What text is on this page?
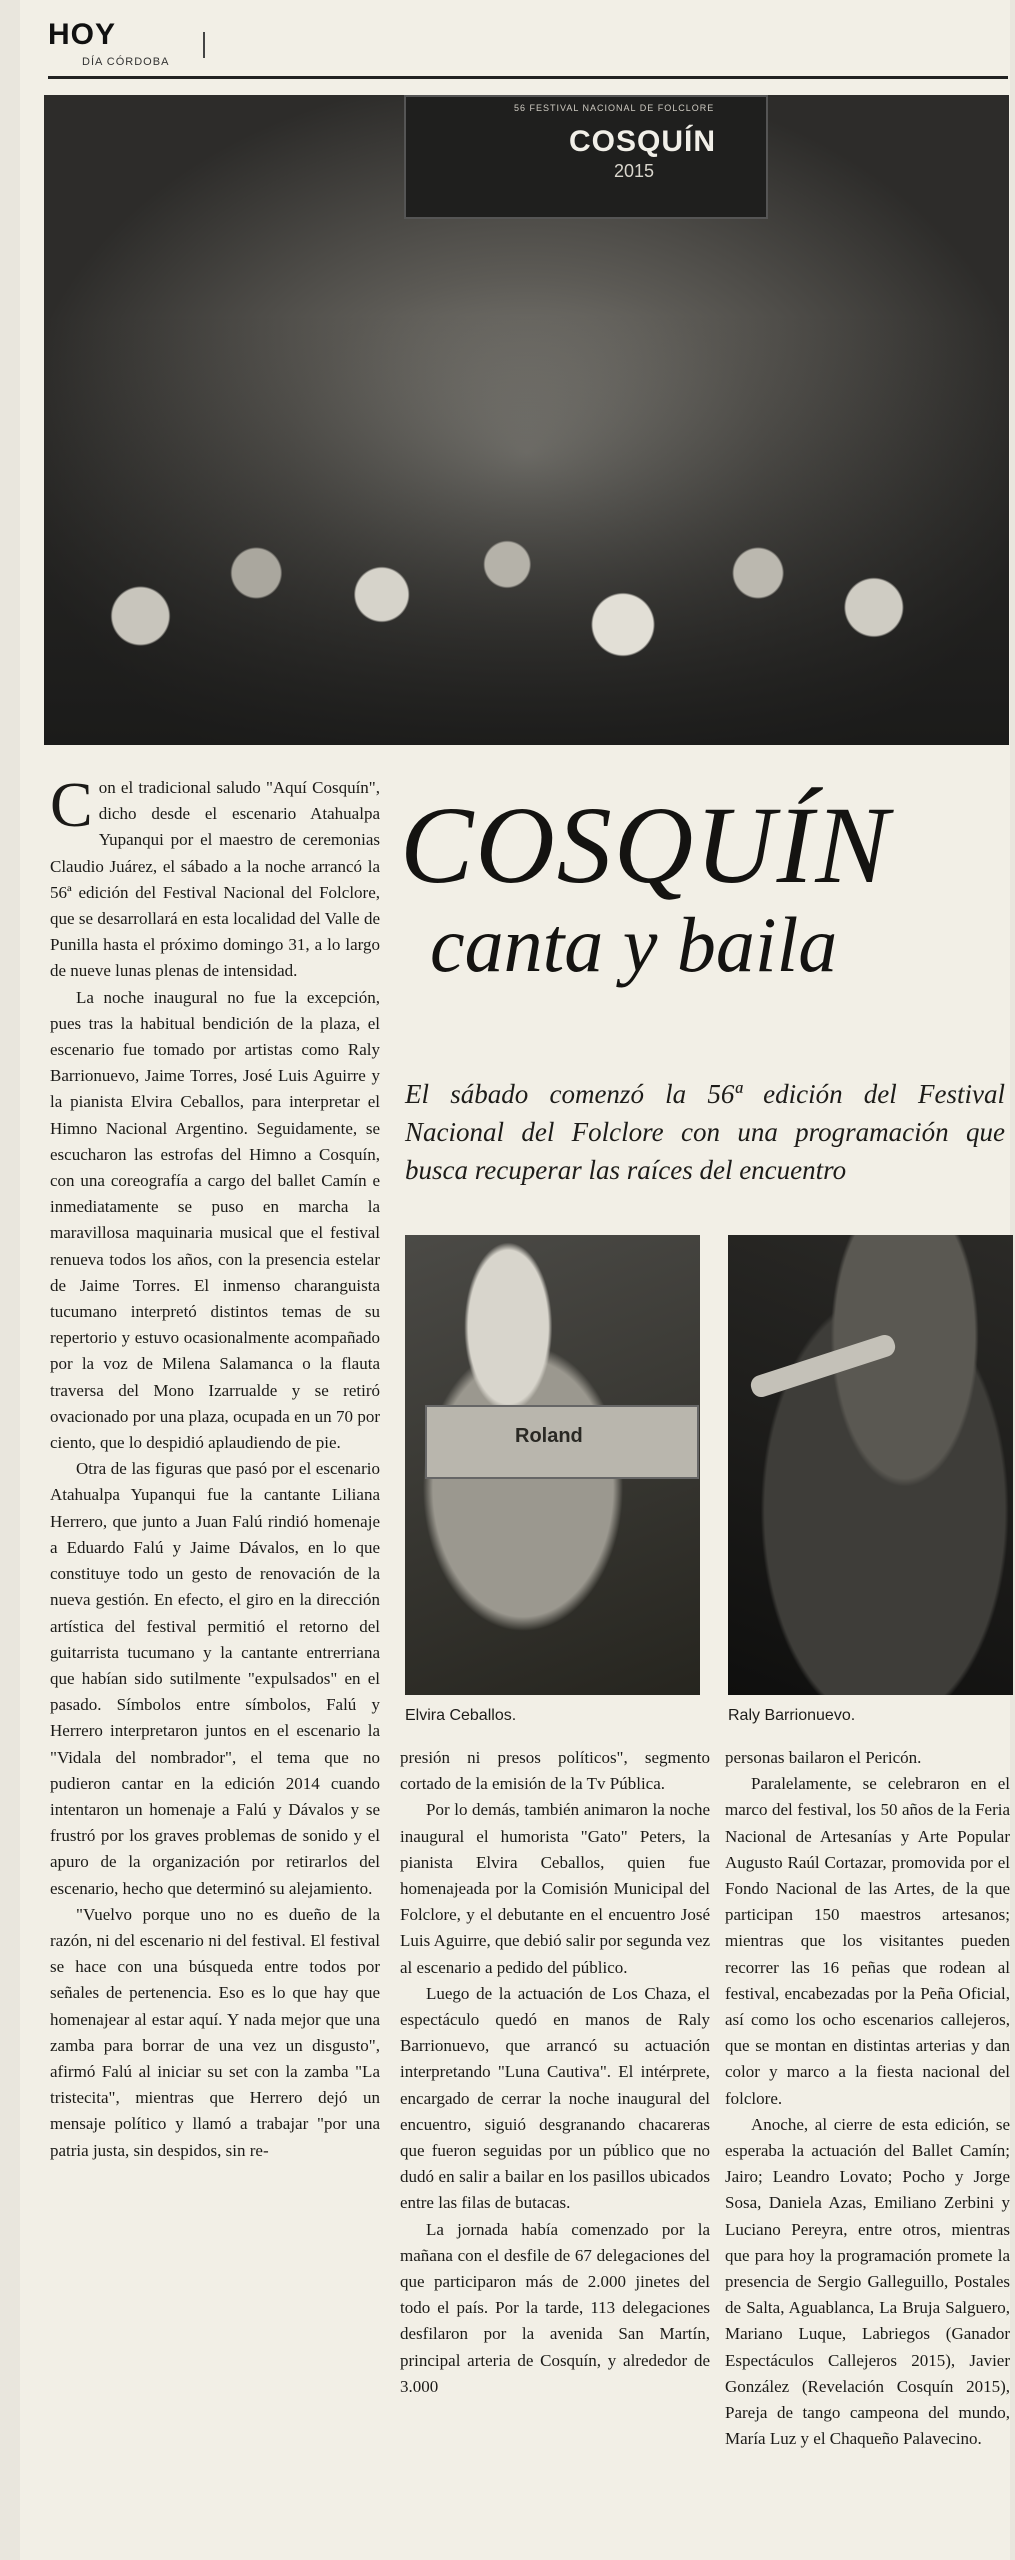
HOY
DÍA CÓRDOBA
56 FESTIVAL NACIONAL DE FOLCLORE
COSQUÍN
2015
COSQUÍN
canta y baila
El sábado comenzó la 56ª edición del Festival Nacional del Folclore con una programación que busca recuperar las raíces del encuentro

Con el tradicional saludo "Aquí Cosquín", dicho desde el escenario Atahualpa Yupanqui por el maestro de ceremonias Claudio Juárez, el sábado a la noche arrancó la 56ª edición del Festival Nacional del Folclore, que se desarrollará en esta localidad del Valle de Punilla hasta el próximo domingo 31, a lo largo de nueve lunas plenas de intensidad.

La noche inaugural no fue la excepción, pues tras la habitual bendición de la plaza, el escenario fue tomado por artistas como Raly Barrionuevo, Jaime Torres, José Luis Aguirre y la pianista Elvira Ceballos, para interpretar el Himno Nacional Argentino. Seguidamente, se escucharon las estrofas del Himno a Cosquín, con una coreografía a cargo del ballet Camín e inmediatamente se puso en marcha la maravillosa maquinaria musical que el festival renueva todos los años, con la presencia estelar de Jaime Torres. El inmenso charanguista tucumano interpretó distintos temas de su repertorio y estuvo ocasionalmente acompañado por la voz de Milena Salamanca o la flauta traversa del Mono Izarrualde y se retiró ovacionado por una plaza, ocupada en un 70 por ciento, que lo despidió aplaudiendo de pie.

Otra de las figuras que pasó por el escenario Atahualpa Yupanqui fue la cantante Liliana Herrero, que junto a Juan Falú rindió homenaje a Eduardo Falú y Jaime Dávalos, en lo que constituye todo un gesto de renovación de la nueva gestión. En efecto, el giro en la dirección artística del festival permitió el retorno del guitarrista tucumano y la cantante entrerriana que habían sido sutilmente "expulsados" en el pasado. Símbolos entre símbolos, Falú y Herrero interpretaron juntos en el escenario la "Vidala del nombrador", el tema que no pudieron cantar en la edición 2014 cuando intentaron un homenaje a Falú y Dávalos y se frustró por los graves problemas de sonido y el apuro de la organización por retirarlos del escenario, hecho que determinó su alejamiento.

"Vuelvo porque uno no es dueño de la razón, ni del escenario ni del festival. El festival se hace con una búsqueda entre todos por señales de pertenencia. Eso es lo que hay que homenajear al estar aquí. Y nada mejor que una zamba para borrar de una vez un disgusto", afirmó Falú al iniciar su set con la zamba "La tristecita", mientras que Herrero dejó un mensaje político y llamó a trabajar "por una patria justa, sin despidos, sin re-

Roland
Elvira Ceballos.	Raly Barrionuevo.

presión ni presos políticos", segmento cortado de la emisión de la Tv Pública.

Por lo demás, también animaron la noche inaugural el humorista "Gato" Peters, la pianista Elvira Ceballos, quien fue homenajeada por la Comisión Municipal del Folclore, y el debutante en el encuentro José Luis Aguirre, que debió salir por segunda vez al escenario a pedido del público.

Luego de la actuación de Los Chaza, el espectáculo quedó en manos de Raly Barrionuevo, que arrancó su actuación interpretando "Luna Cautiva". El intérprete, encargado de cerrar la noche inaugural del encuentro, siguió desgranando chacareras que fueron seguidas por un público que no dudó en salir a bailar en los pasillos ubicados entre las filas de butacas.

La jornada había comenzado por la mañana con el desfile de 67 delegaciones del que participaron más de 2.000 jinetes del todo el país. Por la tarde, 113 delegaciones desfilaron por la avenida San Martín, principal arteria de Cosquín, y alrededor de 3.000

personas bailaron el Pericón.

Paralelamente, se celebraron en el marco del festival, los 50 años de la Feria Nacional de Artesanías y Arte Popular Augusto Raúl Cortazar, promovida por el Fondo Nacional de las Artes, de la que participan 150 maestros artesanos; mientras que los visitantes pueden recorrer las 16 peñas que rodean al festival, encabezadas por la Peña Oficial, así como los ocho escenarios callejeros, que se montan en distintas arterias y dan color y marco a la fiesta nacional del folclore.

Anoche, al cierre de esta edición, se esperaba la actuación del Ballet Camín; Jairo; Leandro Lovato; Pocho y Jorge Sosa, Daniela Azas, Emiliano Zerbini y Luciano Pereyra, entre otros, mientras que para hoy la programación promete la presencia de Sergio Galleguillo, Postales de Salta, Aguablanca, La Bruja Salguero, Mariano Luque, Labriegos (Ganador Espectáculos Callejeros 2015), Javier González (Revelación Cosquín 2015), Pareja de tango campeona del mundo, María Luz y el Chaqueño Palavecino.
